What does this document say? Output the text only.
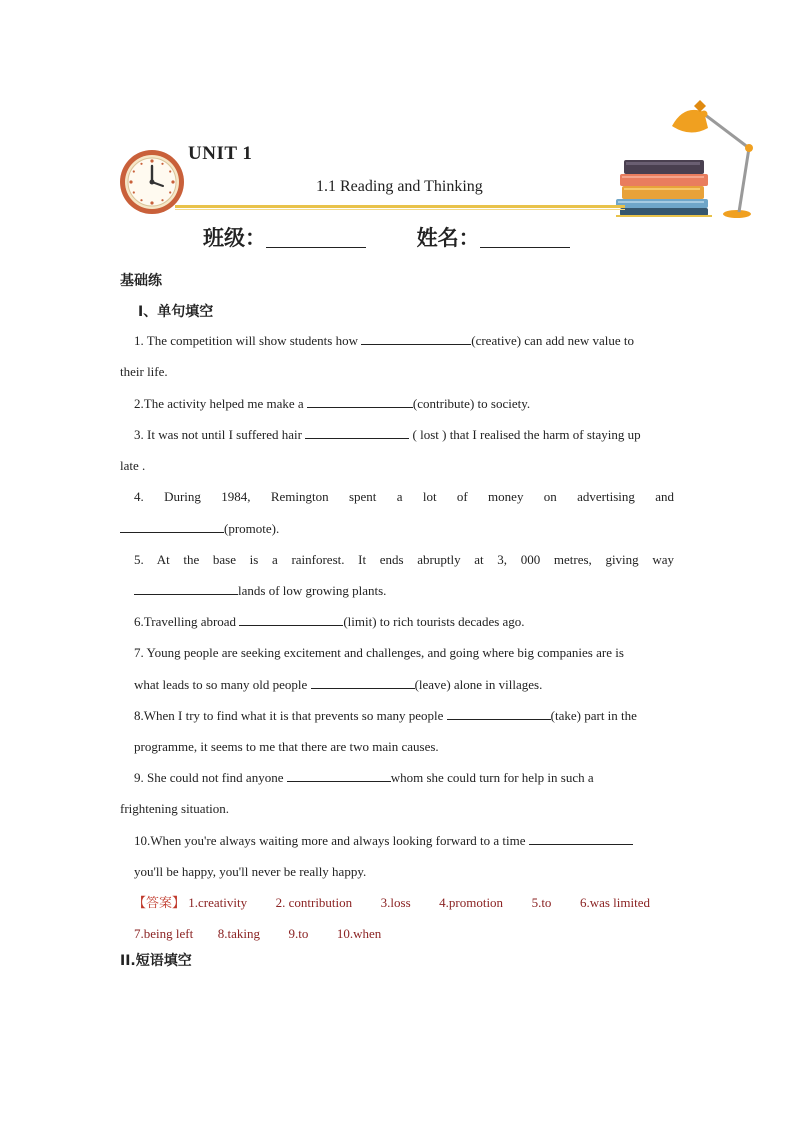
UNIT 1
1.1 Reading and Thinking
班级：	姓名：
基础练
Ⅰ、单句填空
1. The competition will show students how	(creative) can add new value to
their life.
2.The activity helped me make a	(contribute) to society.
3. It was not until I suffered hair	( lost ) that I realised the harm of staying up
late .
4. During 1984, Remington spent a lot of money on advertising and
(promote).
5. At the base is a rainforest. It ends abruptly at 3, 000 metres, giving way
lands of low growing plants.
6.Travelling abroad	(limit) to rich tourists decades ago.
7. Young people are seeking excitement and challenges, and going where big companies are is
what leads to so many old people	(leave) alone in villages.
8.When I try to find what it is that prevents so many people	(take) part in the
programme, it seems to me that there are two main causes.
9. She could not find anyone	whom she could turn for help in such a
frightening situation.
10.When you're always waiting more and always looking forward to a time
you'll be happy, you'll never be really happy.
【答案】 1.creativity 2. contribution 3.loss 4.promotion 5.to 6.was limited
7.being left 8.taking 9.to 10.when
II.短语填空
